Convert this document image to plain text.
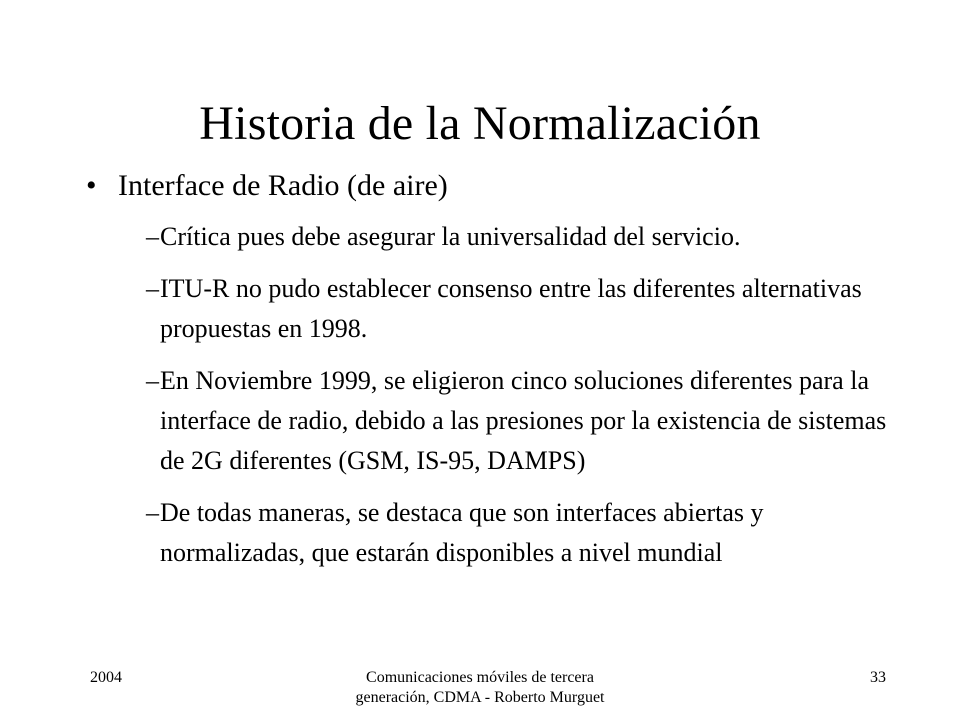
Historia de la Normalización
• Interface de Radio (de aire)
– Crítica pues debe asegurar la universalidad del servicio.
– ITU-R no pudo establecer consenso entre las diferentes alternativas propuestas en 1998.
– En Noviembre 1999, se eligieron cinco soluciones diferentes para la interface de radio, debido a las presiones por la existencia de sistemas de 2G diferentes (GSM, IS-95, DAMPS)
– De todas maneras, se destaca que son interfaces abiertas y normalizadas, que estarán disponibles a nivel mundial
2004	Comunicaciones móviles de tercera generación, CDMA - Roberto Murguet
33
